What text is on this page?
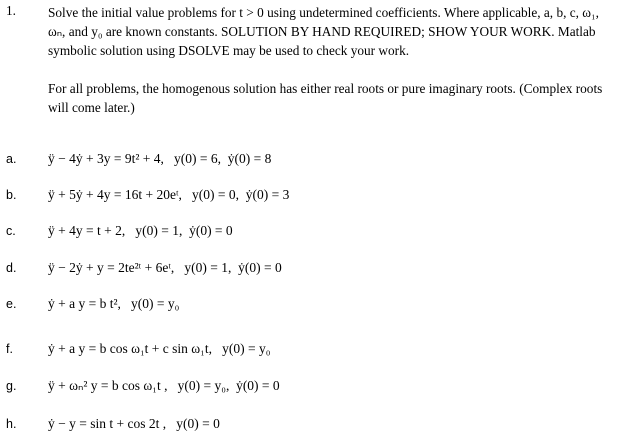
1. Solve the initial value problems for t > 0 using undetermined coefficients. Where applicable, a, b, c, ω₁, ωₙ, and y₀ are known constants. SOLUTION BY HAND REQUIRED; SHOW YOUR WORK. Matlab symbolic solution using DSOLVE may be used to check your work.
For all problems, the homogenous solution has either real roots or pure imaginary roots. (Complex roots will come later.)
a. ÿ − 4ẏ + 3y = 9t² + 4,   y(0) = 6,  ẏ(0) = 8
b. ÿ + 5ẏ + 4y = 16t + 20eᵗ,   y(0) = 0,  ẏ(0) = 3
c. ÿ + 4y = t + 2,   y(0) = 1,  ẏ(0) = 0
d. ÿ − 2ẏ + y = 2te²ᵗ + 6eᵗ,   y(0) = 1,  ẏ(0) = 0
e. ẏ + a y = b t²,   y(0) = y₀
f.	ẏ + a y = b cos ω₁t + c sin ω₁t,   y(0) = y₀
g. ÿ + ωₙ² y = b cos ω₁t ,   y(0) = y₀,  ẏ(0) = 0
h. ẏ − y = sin t + cos 2t ,   y(0) = 0
